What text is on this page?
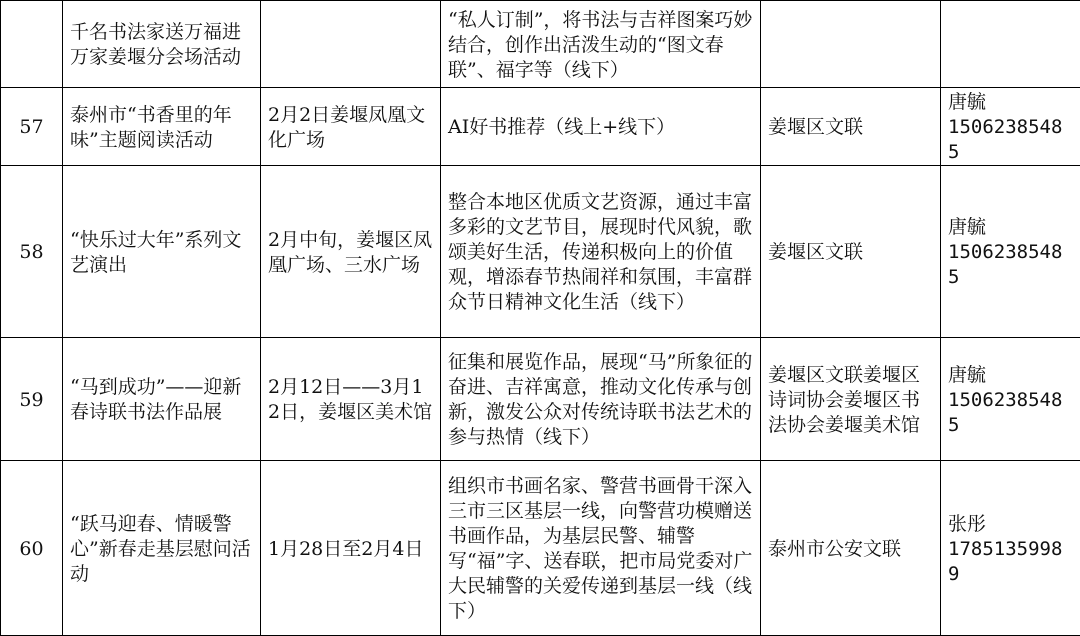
	千名书法家送万福进万家姜堰分会场活动		“私人订制”，将书法与吉祥图案巧妙结合，创作出活泼生动的“图文春联”、福字等（线下）		

57	泰州市“书香里的年味”主题阅读活动	2月2日姜堰凤凰文化广场	AI好书推荐（线上+线下）	姜堰区文联	唐毓
15062385485

58	“快乐过大年”系列文艺演出	2月中旬，姜堰区凤凰广场、三水广场	整合本地区优质文艺资源，通过丰富多彩的文艺节目，展现时代风貌，歌颂美好生活，传递积极向上的价值观，增添春节热闹祥和氛围，丰富群众节日精神文化生活（线下）	姜堰区文联	唐毓
15062385485

59	“马到成功”——迎新春诗联书法作品展	2月12日——3月12日，姜堰区美术馆	征集和展览作品，展现“马”所象征的奋进、吉祥寓意，推动文化传承与创新，激发公众对传统诗联书法艺术的参与热情（线下）	姜堰区文联姜堰区诗词协会姜堰区书法协会姜堰美术馆	唐毓
15062385485

60	“跃马迎春、情暖警心”新春走基层慰问活动	1月28日至2月4日	组织市书画名家、警营书画骨干深入三市三区基层一线，向警营功模赠送书画作品，为基层民警、辅警写“福”字、送春联，把市局党委对广大民辅警的关爱传递到基层一线（线下）	泰州市公安文联	张彤
17851359989
